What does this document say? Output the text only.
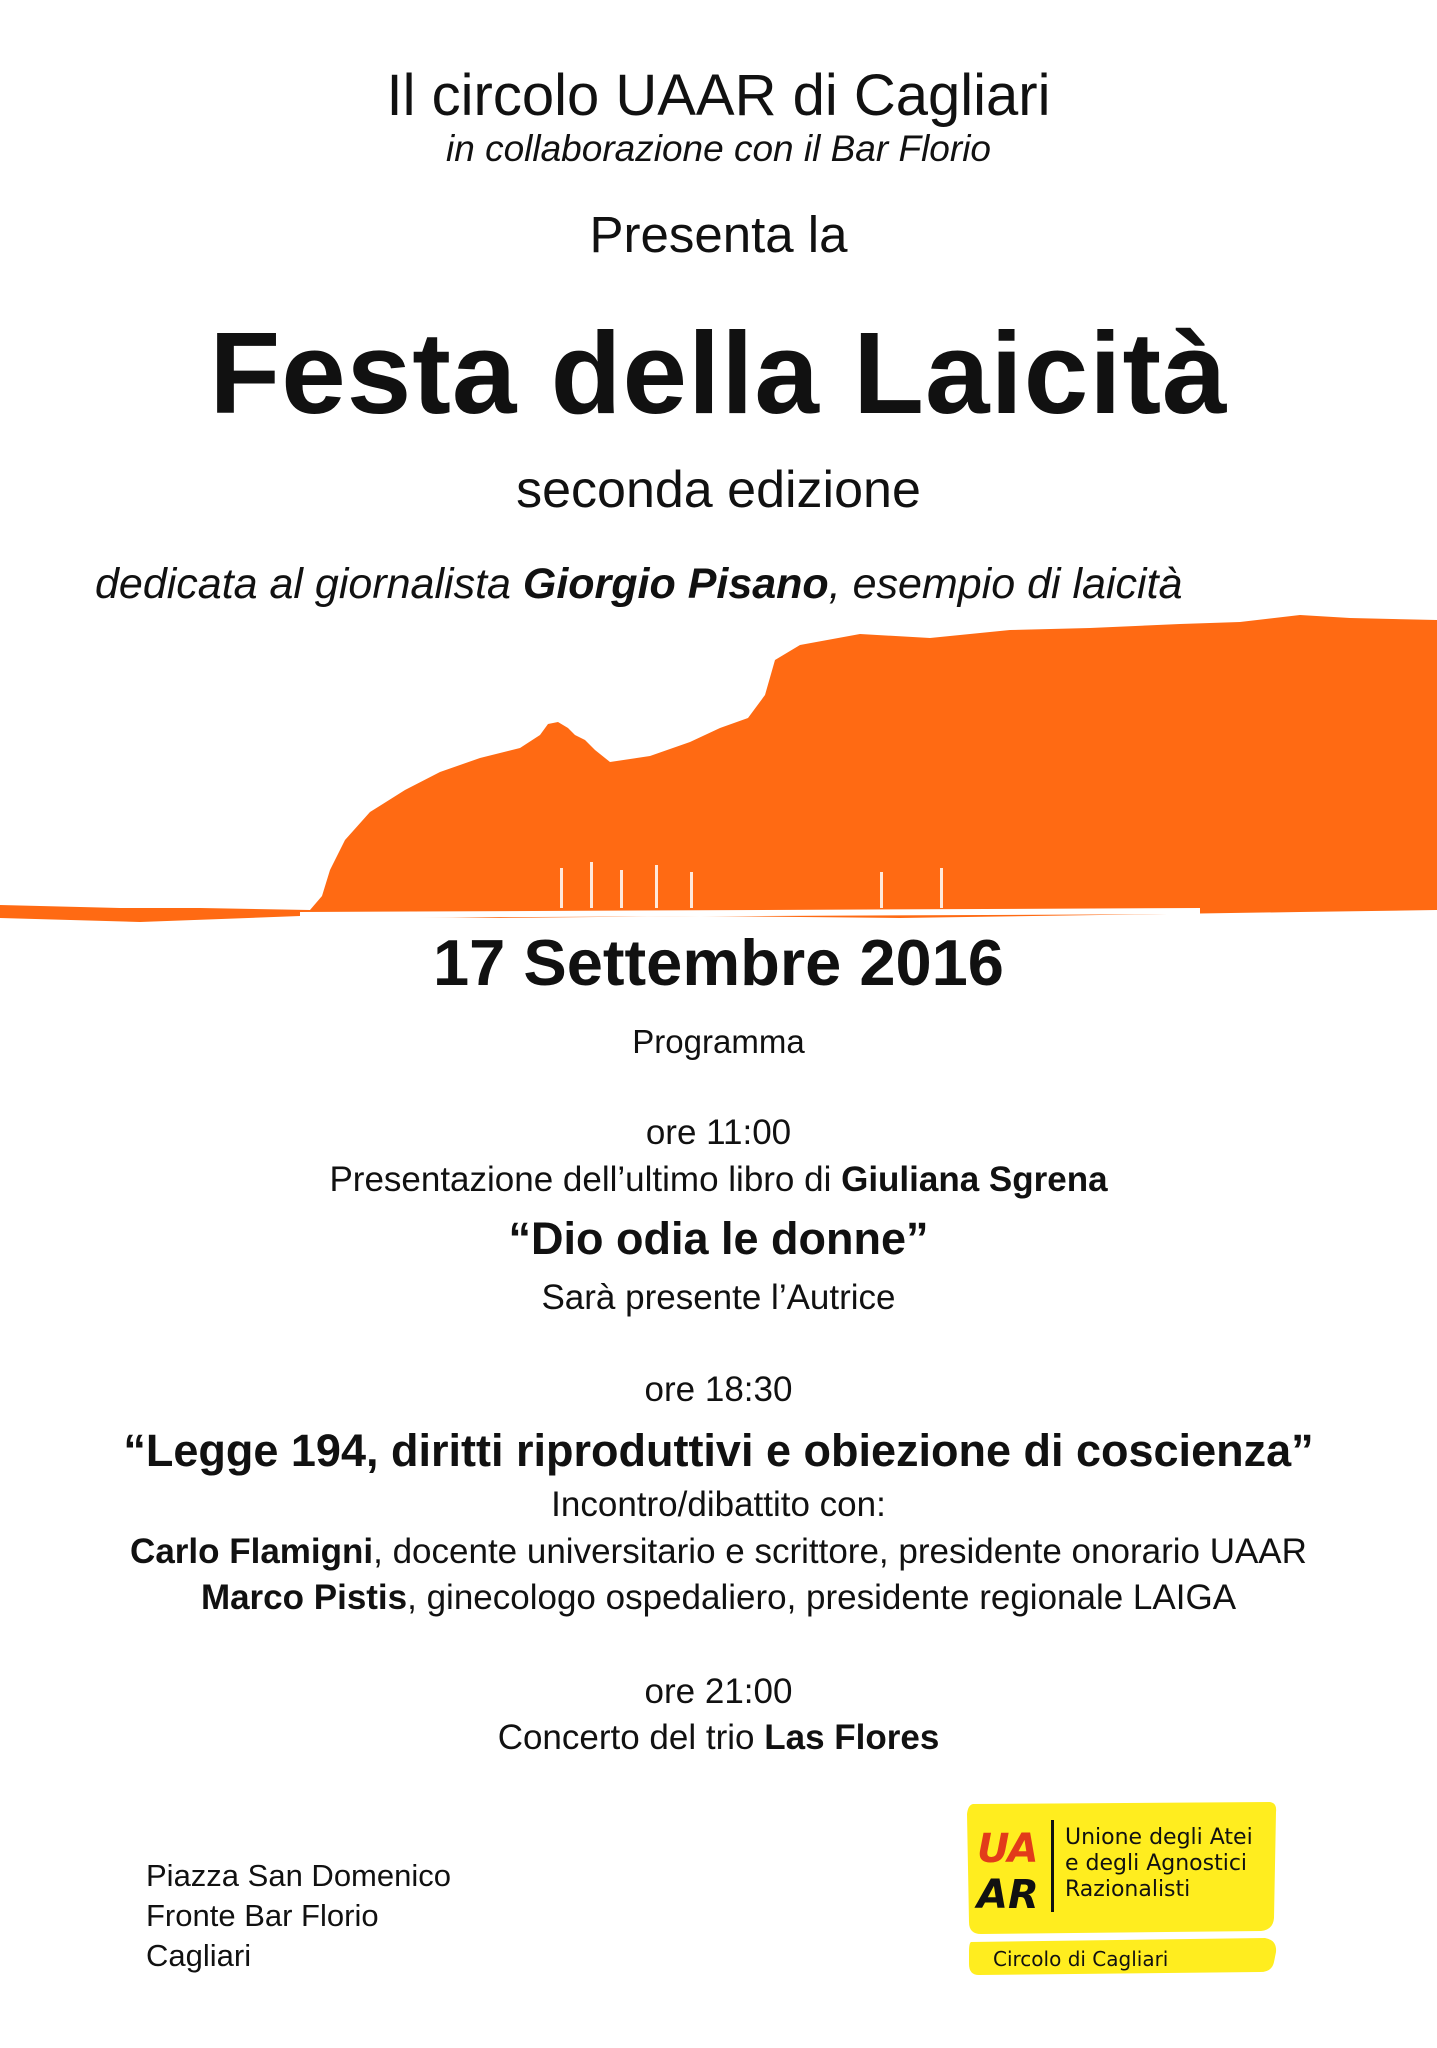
Il circolo UAAR di Cagliari
in collaborazione con il Bar Florio
Presenta la
Festa della Laicità
seconda edizione
dedicata al giornalista Giorgio Pisano, esempio di laicità
17 Settembre 2016
Programma
ore 11:00
Presentazione dell’ultimo libro di Giuliana Sgrena
“Dio odia le donne”
Sarà presente l’Autrice
ore 18:30
“Legge 194, diritti riproduttivi e obiezione di coscienza”
Incontro/dibattito con:
Carlo Flamigni, docente universitario e scrittore, presidente onorario UAAR
Marco Pistis, ginecologo ospedaliero, presidente regionale LAIGA
ore 21:00
Concerto del trio Las Flores
Piazza San Domenico
Fronte Bar Florio
Cagliari
UA
AR
Unione degli Atei
e degli Agnostici
Razionalisti
Circolo di Cagliari
